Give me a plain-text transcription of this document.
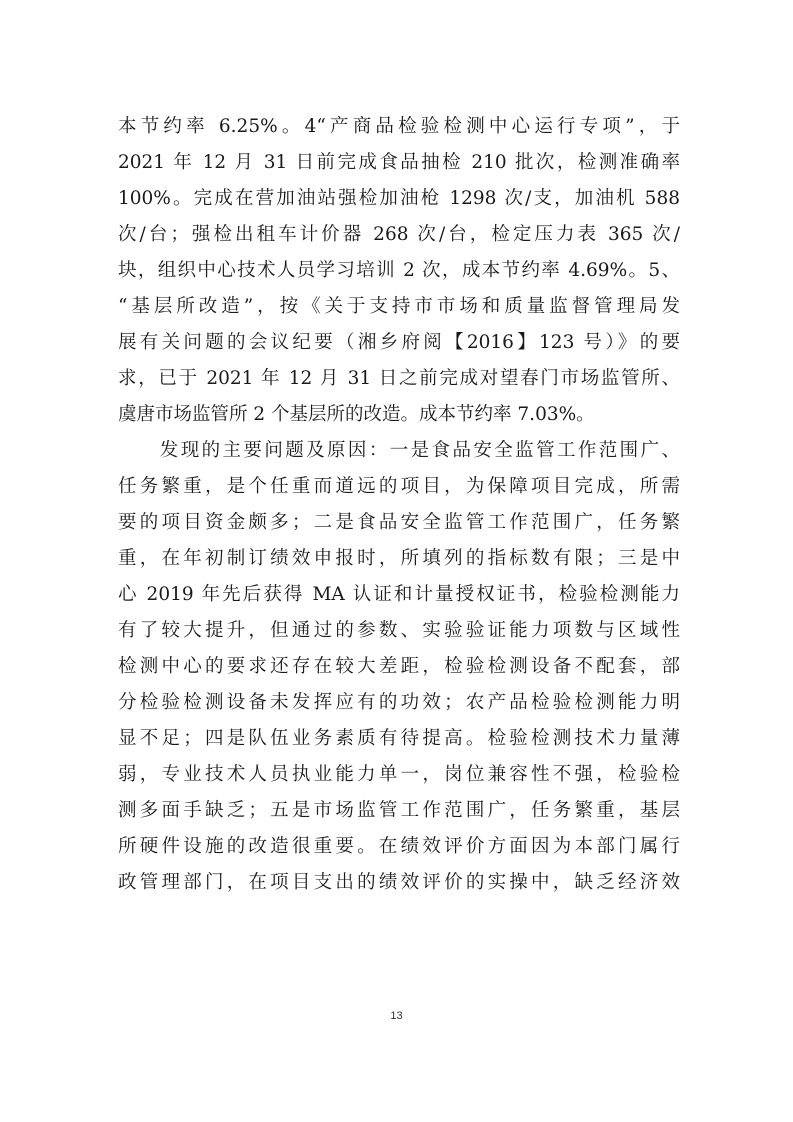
本节约率 6.25%。4“产商品检验检测中心运行专项”，于
2021 年 12 月 31 日前完成食品抽检 210 批次，检测准确率
100%。完成在营加油站强检加油枪 1298 次/支，加油机 588
次/台；强检出租车计价器 268 次/台，检定压力表 365 次/
块，组织中心技术人员学习培训 2 次，成本节约率 4.69%。5、
“基层所改造”，按《关于支持市市场和质量监督管理局发
展有关问题的会议纪要（湘乡府阅【2016】123 号）》的要
求，已于 2021 年 12 月 31 日之前完成对望春门市场监管所、
虞唐市场监管所 2 个基层所的改造。成本节约率 7.03%。
　　发现的主要问题及原因：一是食品安全监管工作范围广、
任务繁重，是个任重而道远的项目，为保障项目完成，所需
要的项目资金颇多；二是食品安全监管工作范围广，任务繁
重，在年初制订绩效申报时，所填列的指标数有限；三是中
心 2019 年先后获得 MA 认证和计量授权证书，检验检测能力
有了较大提升，但通过的参数、实验验证能力项数与区域性
检测中心的要求还存在较大差距，检验检测设备不配套，部
分检验检测设备未发挥应有的功效；农产品检验检测能力明
显不足；四是队伍业务素质有待提高。检验检测技术力量薄
弱，专业技术人员执业能力单一，岗位兼容性不强，检验检
测多面手缺乏；五是市场监管工作范围广，任务繁重，基层
所硬件设施的改造很重要。在绩效评价方面因为本部门属行
政管理部门，在项目支出的绩效评价的实操中，缺乏经济效
13
